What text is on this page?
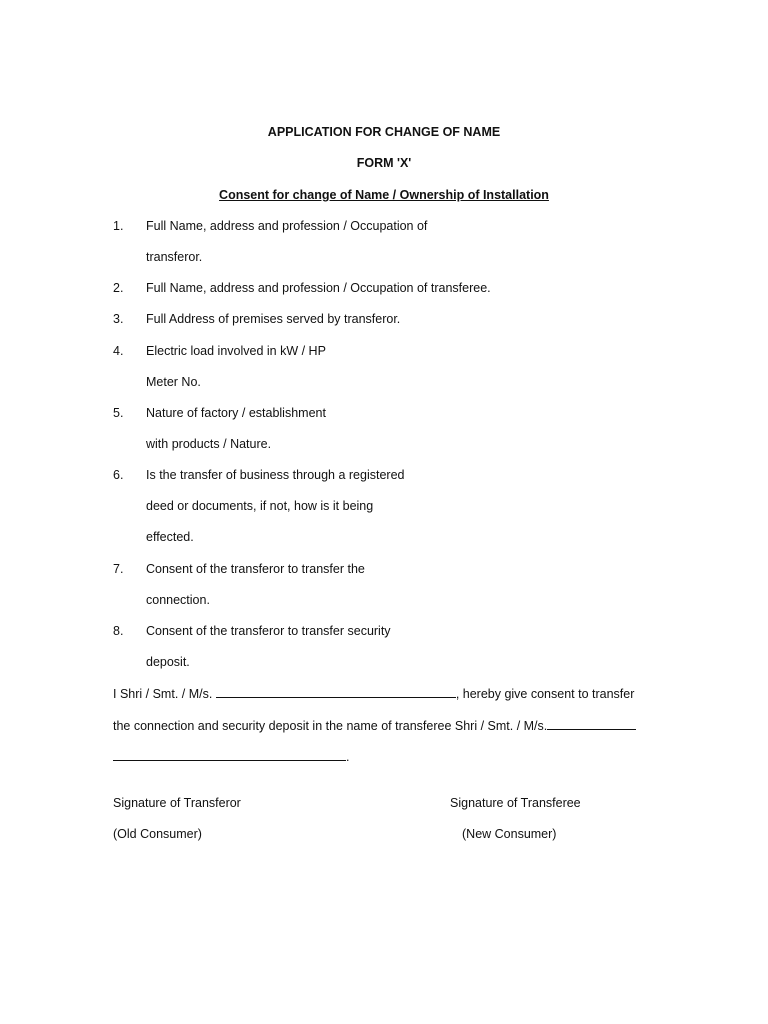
APPLICATION FOR CHANGE OF NAME
FORM 'X'
Consent for change of Name / Ownership of Installation
1. Full Name, address and profession / Occupation of
transferor.
2. Full Name, address and profession / Occupation of transferee.
3. Full Address of premises served by transferor.
4. Electric load involved in kW / HP
Meter No.
5. Nature of factory / establishment
with products / Nature.
6. Is the transfer of business through a registered
deed or documents, if not, how is it being
effected.
7. Consent of the transferor to transfer the
connection.
8. Consent of the transferor to transfer security
deposit.
I Shri / Smt. / M/s.	, hereby give consent to transfer
the connection and security deposit in the name of transferee Shri / Smt. / M/s.
.
Signature of Transferor
(Old Consumer)
Signature of Transferee
(New Consumer)
